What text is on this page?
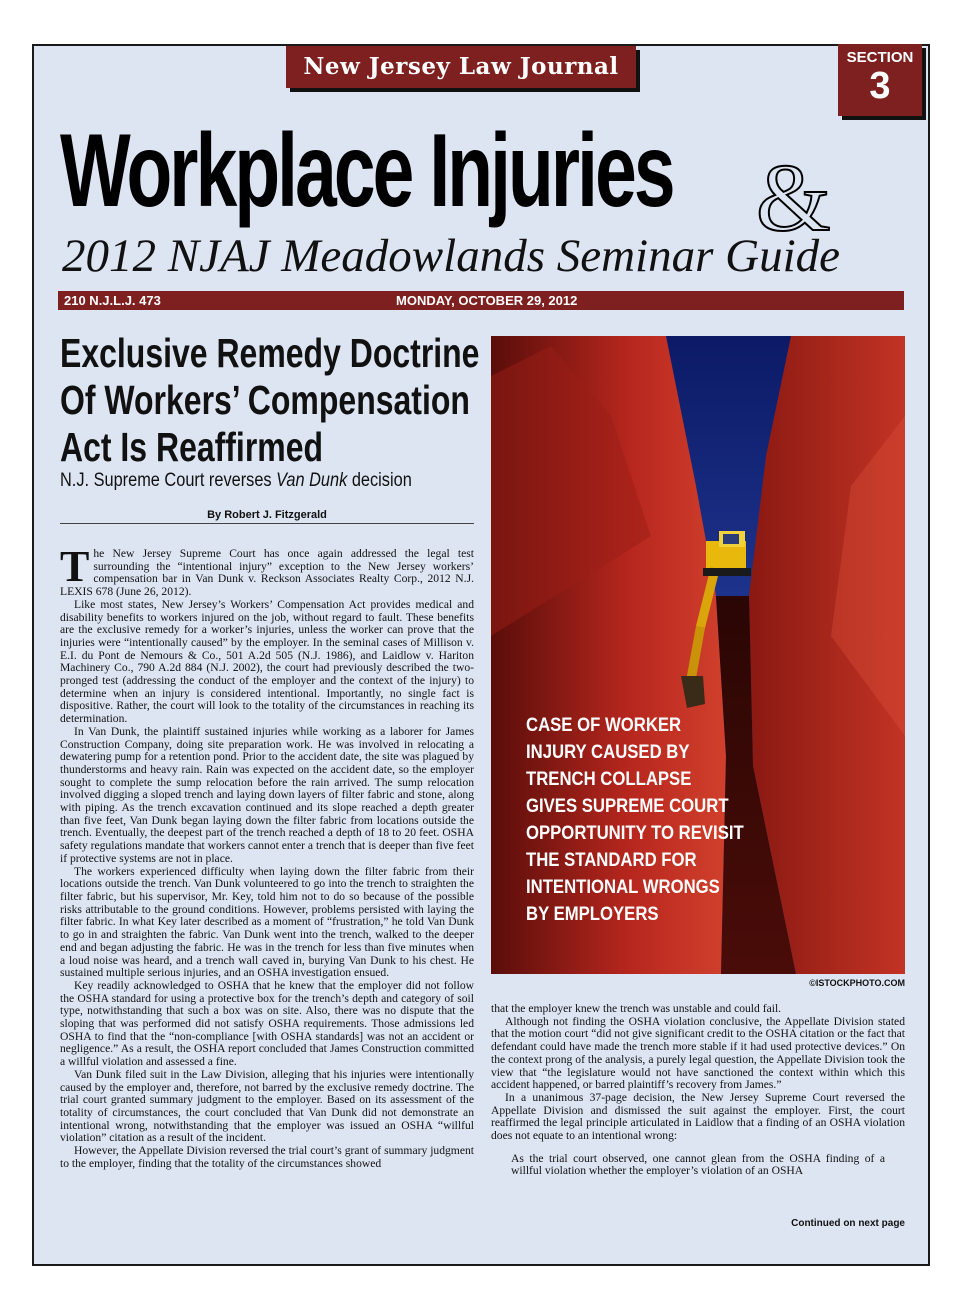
New Jersey Law Journal	SECTION
3
Workplace Injuries &
2012 NJAJ Meadowlands Seminar Guide
210 N.J.L.J. 473	MONDAY, OCTOBER 29, 2012
Exclusive Remedy Doctrine
Of Workers’ Compensation
Act Is Reaffirmed
N.J. Supreme Court reverses Van Dunk decision
By Robert J. Fitzgerald

The New Jersey Supreme Court has once again addressed the legal test surrounding the “intentional injury” exception to the New Jersey workers’ compensation bar in Van Dunk v. Reckson Associates Realty Corp., 2012 N.J. LEXIS 678 (June 26, 2012).

Like most states, New Jersey’s Workers’ Compensation Act provides medical and disability benefits to workers injured on the job, without regard to fault. These benefits are the exclusive remedy for a worker’s injuries, unless the worker can prove that the injuries were “intentionally caused” by the employer. In the seminal cases of Millison v. E.I. du Pont de Nemours & Co., 501 A.2d 505 (N.J. 1986), and Laidlow v. Hariton Machinery Co., 790 A.2d 884 (N.J. 2002), the court had previously described the two-pronged test (addressing the conduct of the employer and the context of the injury) to determine when an injury is considered intentional. Importantly, no single fact is dispositive. Rather, the court will look to the totality of the circumstances in reaching its determination.

In Van Dunk, the plaintiff sustained injuries while working as a laborer for James Construction Company, doing site preparation work. He was involved in relocating a dewatering pump for a retention pond. Prior to the accident date, the site was plagued by thunderstorms and heavy rain. Rain was expected on the accident date, so the employer sought to complete the sump relocation before the rain arrived. The sump relocation involved digging a sloped trench and laying down layers of filter fabric and stone, along with piping. As the trench excavation continued and its slope reached a depth greater than five feet, Van Dunk began laying down the filter fabric from locations outside the trench. Eventually, the deepest part of the trench reached a depth of 18 to 20 feet. OSHA safety regulations mandate that workers cannot enter a trench that is deeper than five feet if protective systems are not in place.

The workers experienced difficulty when laying down the filter fabric from their locations outside the trench. Van Dunk volunteered to go into the trench to straighten the filter fabric, but his supervisor, Mr. Key, told him not to do so because of the possible risks attributable to the ground conditions. However, problems persisted with laying the filter fabric. In what Key later described as a moment of “frustration,” he told Van Dunk to go in and straighten the fabric. Van Dunk went into the trench, walked to the deeper end and began adjusting the fabric. He was in the trench for less than five minutes when a loud noise was heard, and a trench wall caved in, burying Van Dunk to his chest. He sustained multiple serious injuries, and an OSHA investigation ensued.

Key readily acknowledged to OSHA that he knew that the employer did not follow the OSHA standard for using a protective box for the trench’s depth and category of soil type, notwithstanding that such a box was on site. Also, there was no dispute that the sloping that was performed did not satisfy OSHA requirements. Those admissions led OSHA to find that the “non-compliance [with OSHA standards] was not an accident or negligence.” As a result, the OSHA report concluded that James Construction committed a willful violation and assessed a fine.

Van Dunk filed suit in the Law Division, alleging that his injuries were intentionally caused by the employer and, therefore, not barred by the exclusive remedy doctrine. The trial court granted summary judgment to the employer. Based on its assessment of the totality of circumstances, the court concluded that Van Dunk did not demonstrate an intentional wrong, notwithstanding that the employer was issued an OSHA “willful violation” citation as a result of the incident.

However, the Appellate Division reversed the trial court’s grant of summary judgment to the employer, finding that the totality of the circumstances showed

CASE OF WORKER
INJURY CAUSED BY
TRENCH COLLAPSE
GIVES SUPREME COURT
OPPORTUNITY TO REVISIT
THE STANDARD FOR
INTENTIONAL WRONGS
BY EMPLOYERS
©ISTOCKPHOTO.COM

that the employer knew the trench was unstable and could fail.

Although not finding the OSHA violation conclusive, the Appellate Division stated that the motion court “did not give significant credit to the OSHA citation or the fact that defendant could have made the trench more stable if it had used protective devices.” On the context prong of the analysis, a purely legal question, the Appellate Division took the view that “the legislature would not have sanctioned the context within which this accident happened, or barred plaintiff’s recovery from James.”

In a unanimous 37-page decision, the New Jersey Supreme Court reversed the Appellate Division and dismissed the suit against the employer. First, the court reaffirmed the legal principle articulated in Laidlow that a finding of an OSHA violation does not equate to an intentional wrong:

As the trial court observed, one cannot glean from the OSHA finding of a willful violation whether the employer’s violation of an OSHA

Continued on next page
